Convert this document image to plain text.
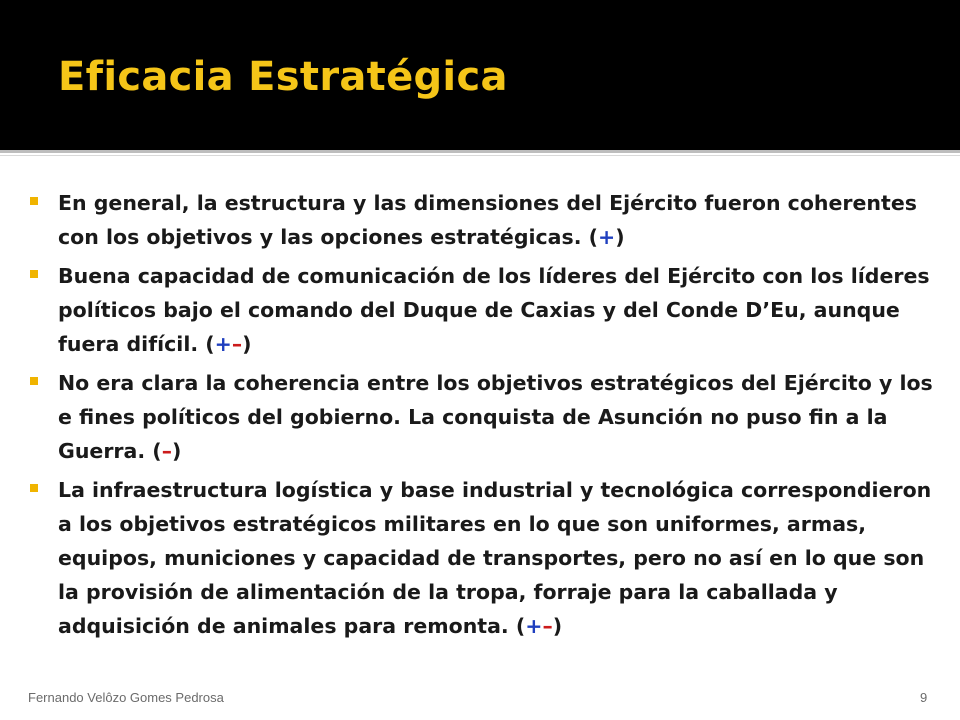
Eficacia Estratégica
En general, la estructura y las dimensiones del Ejército fueron coherentes con los objetivos y las opciones estratégicas. (+)
Buena capacidad de comunicación de los líderes del Ejército con los líderes políticos bajo el comando del Duque de Caxias y del Conde D’Eu, aunque fuera difícil. (+–)
No era clara la coherencia entre los objetivos estratégicos del Ejército y los e fines políticos del gobierno. La conquista de Asunción no puso fin a la Guerra. (–)
La infraestructura logística y base industrial y tecnológica correspondieron a los objetivos estratégicos militares en lo que son uniformes, armas, equipos, municiones y capacidad de transportes, pero no así en lo que son la provisión de alimentación de la tropa, forraje para la caballada y adquisición de animales para remonta. (+–)
Fernando Velôzo Gomes Pedrosa	9
